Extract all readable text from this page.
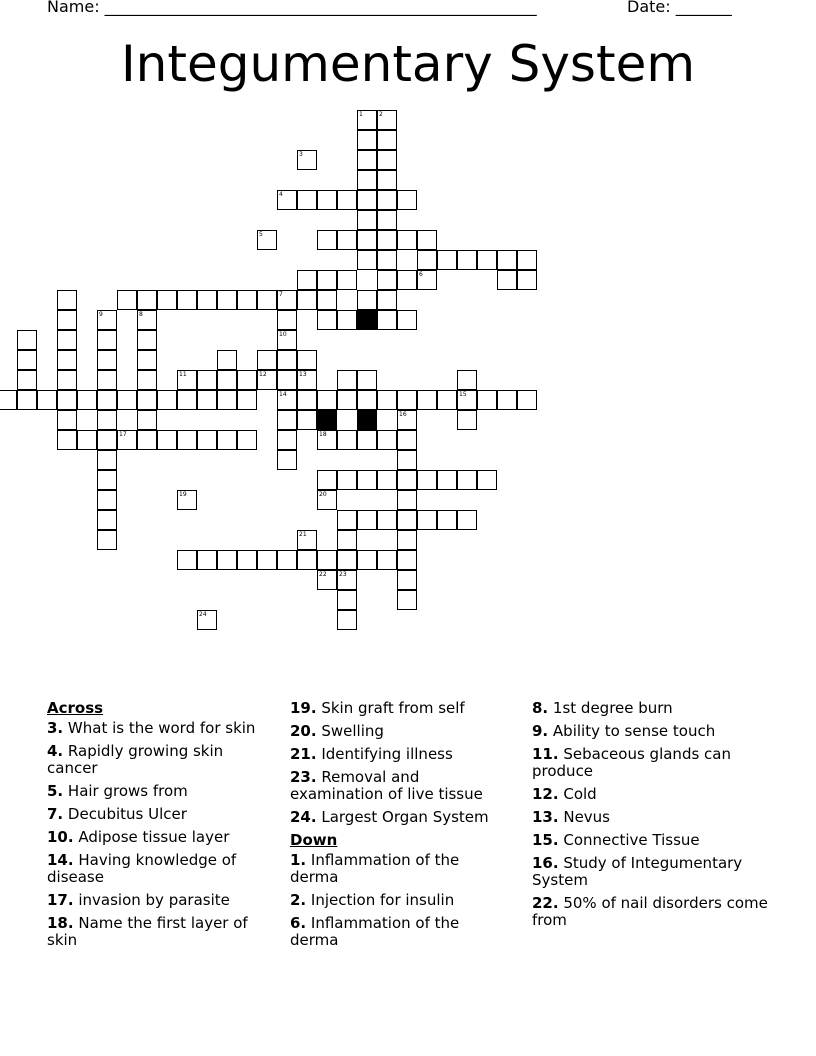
Name: ______________________________________________________	Date: _______
Integumentary System
1	2
4
6
7
10
14
8
9
12	13
15
16
17
23
3
5
11
18
19	20
21
22
24
Across
3. What is the word for skin
4. Rapidly growing skin cancer
5. Hair grows from
7. Decubitus Ulcer
10. Adipose tissue layer
14. Having knowledge of disease
17. invasion by parasite
18. Name the first layer of skin
19. Skin graft from self
20. Swelling
21. Identifying illness
23. Removal and examination of live tissue
24. Largest Organ System
Down
1. Inflammation of the derma
2. Injection for insulin
6. Inflammation of the derma
8. 1st degree burn
9. Ability to sense touch
11. Sebaceous glands can produce
12. Cold
13. Nevus
15. Connective Tissue
16. Study of Integumentary System
22. 50% of nail disorders come from
